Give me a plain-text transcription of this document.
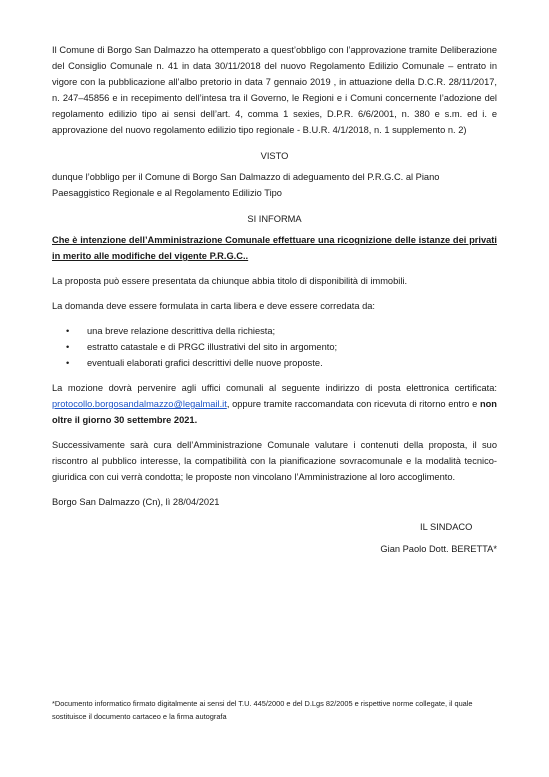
Il Comune di Borgo San Dalmazzo ha ottemperato a quest’obbligo con l’approvazione tramite Deliberazione del Consiglio Comunale n. 41 in data 30/11/2018 del nuovo Regolamento Edilizio Comunale – entrato in vigore con la pubblicazione all’albo pretorio in data 7 gennaio 2019 , in attuazione della D.C.R. 28/11/2017, n. 247–45856 e in recepimento dell’intesa tra il Governo, le Regioni e i Comuni concernente l’adozione del regolamento edilizio tipo ai sensi dell’art. 4, comma 1 sexies, D.P.R. 6/6/2001, n. 380 e s.m. ed i. e approvazione del nuovo regolamento edilizio tipo regionale - B.U.R. 4/1/2018, n. 1 supplemento n. 2)

VISTO

dunque l’obbligo per il Comune di Borgo San Dalmazzo di adeguamento del P.R.G.C. al Piano Paesaggistico Regionale e al Regolamento Edilizio Tipo

SI INFORMA

Che è intenzione dell’Amministrazione Comunale effettuare una ricognizione delle istanze dei privati in merito alle modifiche del vigente P.R.G.C..

La proposta può essere presentata da chiunque abbia titolo di disponibilità di immobili.

La domanda deve essere formulata in carta libera e deve essere corredata da:

• una breve relazione descrittiva della richiesta;
• estratto catastale e di PRGC illustrativi del sito in argomento;
• eventuali elaborati grafici descrittivi delle nuove proposte.

La mozione dovrà pervenire agli uffici comunali al seguente indirizzo di posta elettronica certificata: protocollo.borgosandalmazzo@legalmail.it, oppure tramite raccomandata con ricevuta di ritorno entro e non oltre il giorno 30 settembre 2021.

Successivamente sarà cura dell’Amministrazione Comunale valutare i contenuti della proposta, il suo riscontro al pubblico interesse, la compatibilità con la pianificazione sovracomunale e la modalità tecnico-giuridica con cui verrà condotta; le proposte non vincolano l’Amministrazione al loro accoglimento.

Borgo San Dalmazzo (Cn), lì 28/04/2021

IL SINDACO

Gian Paolo Dott. BERETTA*

*Documento informatico firmato digitalmente ai sensi del T.U. 445/2000 e del D.Lgs 82/2005 e rispettive norme collegate, il quale sostituisce il documento cartaceo e la firma autografa
